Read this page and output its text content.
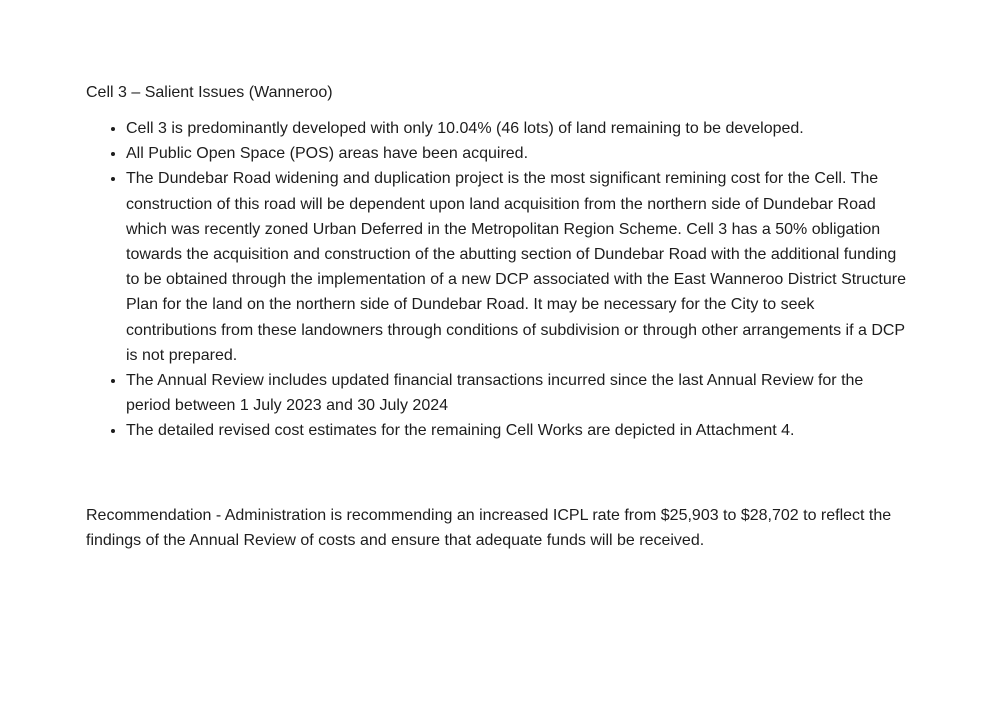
Cell 3 – Salient Issues (Wanneroo)
• Cell 3 is predominantly developed with only 10.04% (46 lots) of land remaining to be developed.
• All Public Open Space (POS) areas have been acquired.
• The Dundebar Road widening and duplication project is the most significant remining cost for the Cell. The construction of this road will be dependent upon land acquisition from the northern side of Dundebar Road which was recently zoned Urban Deferred in the Metropolitan Region Scheme. Cell 3 has a 50% obligation towards the acquisition and construction of the abutting section of Dundebar Road with the additional funding to be obtained through the implementation of a new DCP associated with the East Wanneroo District Structure Plan for the land on the northern side of Dundebar Road. It may be necessary for the City to seek contributions from these landowners through conditions of subdivision or through other arrangements if a DCP is not prepared.
• The Annual Review includes updated financial transactions incurred since the last Annual Review for the period between 1 July 2023 and 30 July 2024
• The detailed revised cost estimates for the remaining Cell Works are depicted in Attachment 4.

Recommendation - Administration is recommending an increased ICPL rate from $25,903 to $28,702 to reflect the findings of the Annual Review of costs and ensure that adequate funds will be received.
